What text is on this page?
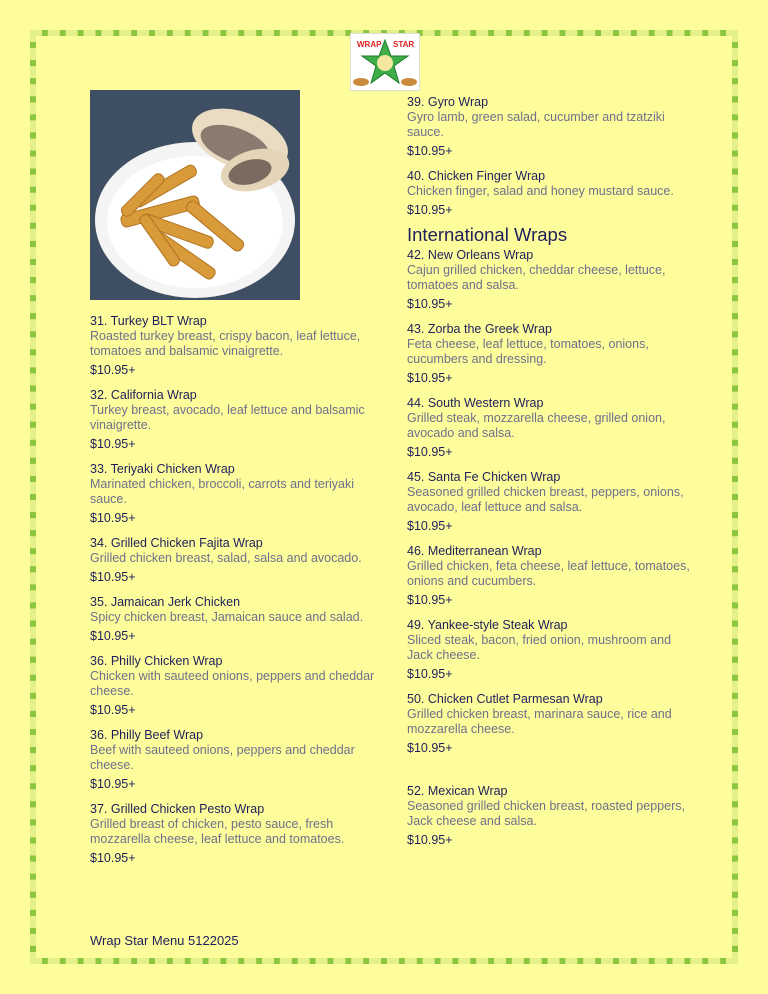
WRAP STAR
31. Turkey BLT Wrap
Roasted turkey breast, crispy bacon, leaf lettuce, tomatoes and balsamic vinaigrette.
$10.95+
32. California Wrap
Turkey breast, avocado, leaf lettuce and balsamic vinaigrette.
$10.95+
33. Teriyaki Chicken Wrap
Marinated chicken, broccoli, carrots and teriyaki sauce.
$10.95+
34. Grilled Chicken Fajita Wrap
Grilled chicken breast, salad, salsa and avocado.
$10.95+
35. Jamaican Jerk Chicken
Spicy chicken breast, Jamaican sauce and salad.
$10.95+
36. Philly Chicken Wrap
Chicken with sauteed onions, peppers and cheddar cheese.
$10.95+
36. Philly Beef Wrap
Beef with sauteed onions, peppers and cheddar cheese.
$10.95+
37. Grilled Chicken Pesto Wrap
Grilled breast of chicken, pesto sauce, fresh mozzarella cheese, leaf lettuce and tomatoes.
$10.95+
39. Gyro Wrap
Gyro lamb, green salad, cucumber and tzatziki sauce.
$10.95+
40. Chicken Finger Wrap
Chicken finger, salad and honey mustard sauce.
$10.95+
International Wraps
42. New Orleans Wrap
Cajun grilled chicken, cheddar cheese, lettuce, tomatoes and salsa.
$10.95+
43. Zorba the Greek Wrap
Feta cheese, leaf lettuce, tomatoes, onions, cucumbers and dressing.
$10.95+
44. South Western Wrap
Grilled steak, mozzarella cheese, grilled onion, avocado and salsa.
$10.95+
45. Santa Fe Chicken Wrap
Seasoned grilled chicken breast, peppers, onions, avocado, leaf lettuce and salsa.
$10.95+
46. Mediterranean Wrap
Grilled chicken, feta cheese, leaf lettuce, tomatoes, onions and cucumbers.
$10.95+
49. Yankee-style Steak Wrap
Sliced steak, bacon, fried onion, mushroom and Jack cheese.
$10.95+
50. Chicken Cutlet Parmesan Wrap
Grilled chicken breast, marinara sauce, rice and mozzarella cheese.
$10.95+
52. Mexican Wrap
Seasoned grilled chicken breast, roasted peppers, Jack cheese and salsa.
$10.95+
Wrap Star Menu 5122025
